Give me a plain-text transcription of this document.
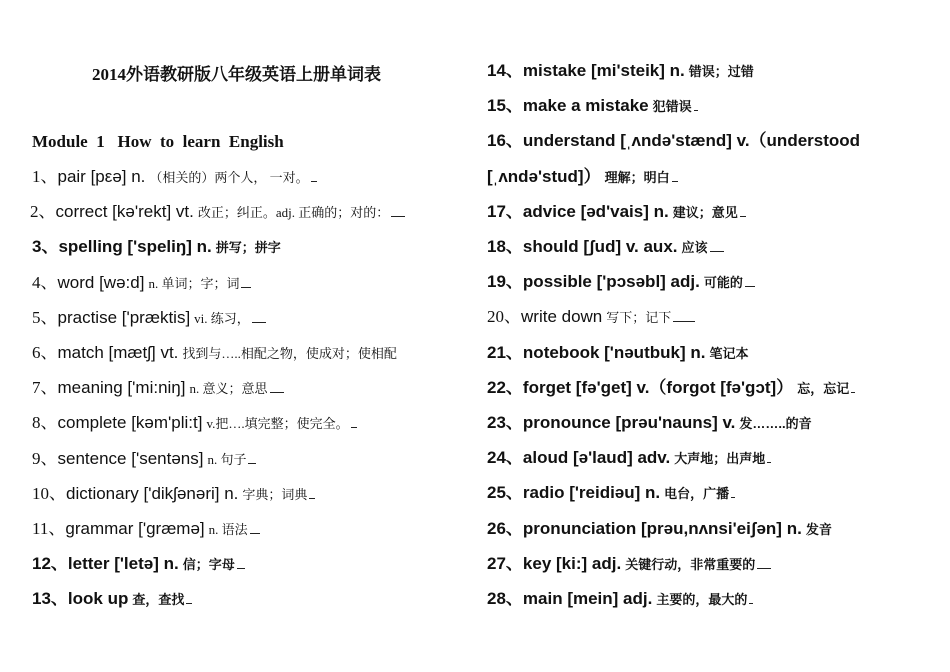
2014外语教研版八年级英语上册单词表
Module  1   How  to  learn  English
1、pair [pεə] n. （相关的）两个人， 一对。
2、correct [kə'rekt] vt. 改正；纠正。adj. 正确的；对的：
3、spelling ['speliŋ] n. 拼写；拼字
4、word [wə:d] n. 单词；字；词
5、practise ['præktis] vi. 练习，
6、match [mætʃ] vt. 找到与…..相配之物，使成对；使相配
7、meaning ['mi:niŋ] n. 意义；意思
8、complete [kəm'pli:t] v.把….填完整；使完全。
9、sentence ['sentəns] n. 句子
10、dictionary ['dikʃənəri] n. 字典；词典
11、grammar ['græmə] n. 语法
12、letter ['letə] n. 信；字母
13、look up 查，查找
14、mistake [mi'steik] n. 错误；过错
15、make a mistake 犯错误
16、understand [ˌʌndə'stænd] v.（understood
[ˌʌndə'stud]） 理解；明白
17、advice [əd'vais] n. 建议；意见
18、should [ʃud] v. aux. 应该
19、possible ['pɔsəbl] adj. 可能的
20、write down 写下；记下
21、notebook ['nəutbuk] n. 笔记本
22、forget [fə'get] v.（forgot [fə'gɔt]） 忘，忘记
23、pronounce [prəu'nauns] v. 发……..的音
24、aloud [ə'laud] adv. 大声地；出声地
25、radio ['reidiəu] n. 电台，广播
26、pronunciation [prəu,nʌnsi'eiʃən] n. 发音
27、key [ki:] adj. 关键行动，非常重要的
28、main [mein] adj. 主要的，最大的
